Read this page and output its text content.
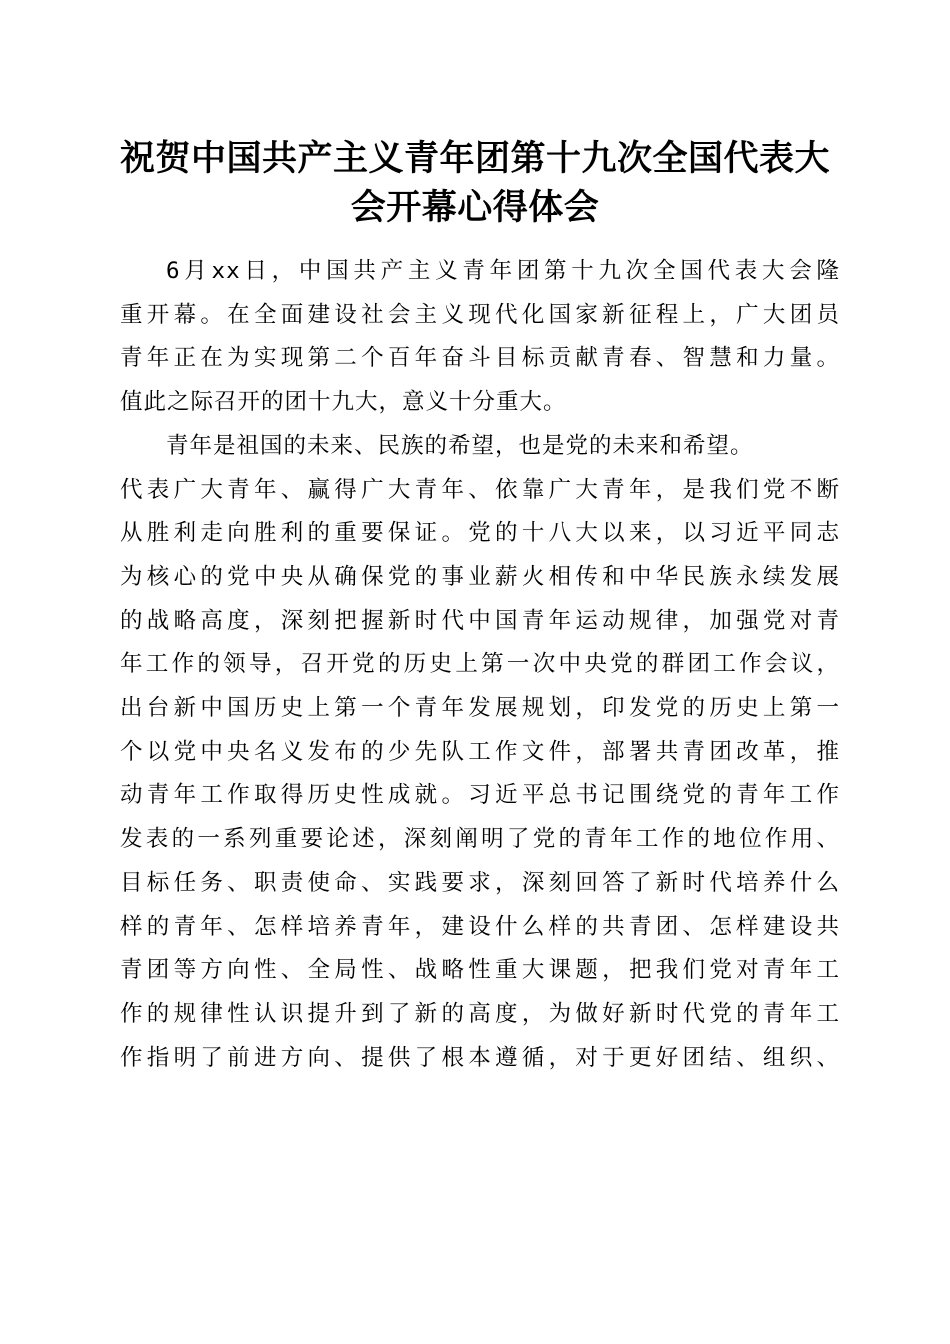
祝贺中国共产主义青年团第十九次全国代表大
会开幕心得体会

6月xx日，中国共产主义青年团第十九次全国代表大会隆
重开幕。在全面建设社会主义现代化国家新征程上，广大团员
青年正在为实现第二个百年奋斗目标贡献青春、智慧和力量。
值此之际召开的团十九大，意义十分重大。

青年是祖国的未来、民族的希望，也是党的未来和希望。
代表广大青年、赢得广大青年、依靠广大青年，是我们党不断
从胜利走向胜利的重要保证。党的十八大以来，以习近平同志
为核心的党中央从确保党的事业薪火相传和中华民族永续发展
的战略高度，深刻把握新时代中国青年运动规律，加强党对青
年工作的领导，召开党的历史上第一次中央党的群团工作会议，
出台新中国历史上第一个青年发展规划，印发党的历史上第一
个以党中央名义发布的少先队工作文件，部署共青团改革，推
动青年工作取得历史性成就。习近平总书记围绕党的青年工作
发表的一系列重要论述，深刻阐明了党的青年工作的地位作用、
目标任务、职责使命、实践要求，深刻回答了新时代培养什么
样的青年、怎样培养青年，建设什么样的共青团、怎样建设共
青团等方向性、全局性、战略性重大课题，把我们党对青年工
作的规律性认识提升到了新的高度，为做好新时代党的青年工
作指明了前进方向、提供了根本遵循，对于更好团结、组织、
